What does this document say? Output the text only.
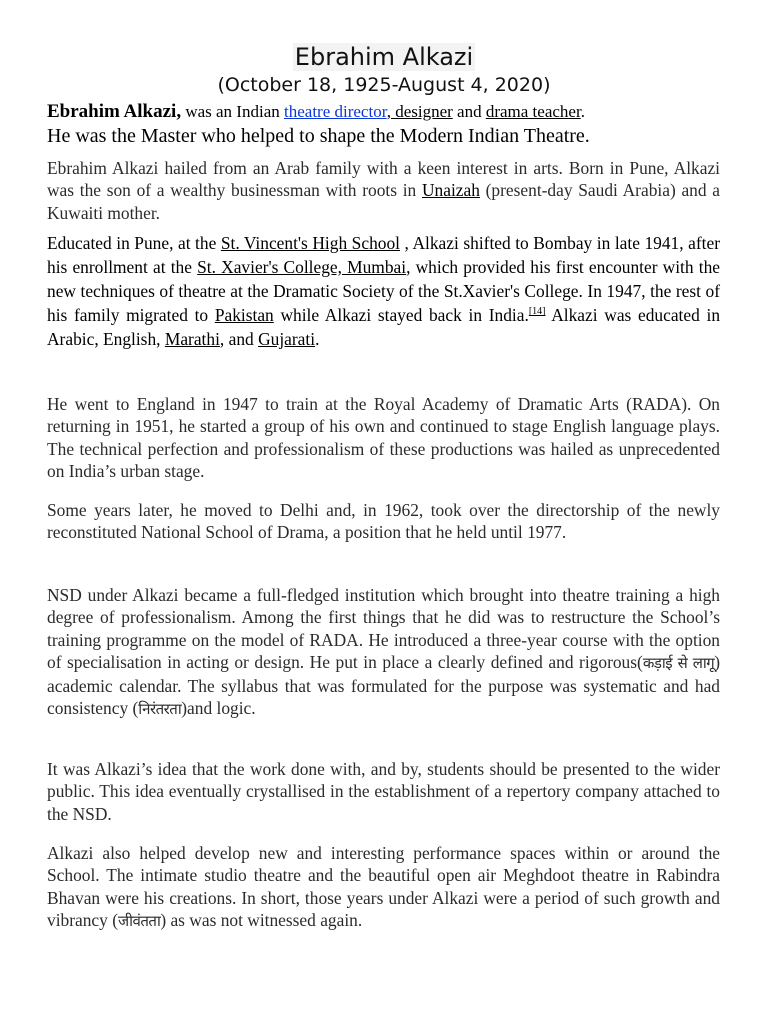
Ebrahim Alkazi
(October 18, 1925-August 4, 2020)
Ebrahim Alkazi, was an Indian theatre director, designer and drama teacher.
He was the Master who helped to shape the Modern Indian Theatre.
Ebrahim Alkazi hailed from an Arab family with a keen interest in arts. Born in Pune, Alkazi was the son of a wealthy businessman with roots in Unaizah (present-day Saudi Arabia) and a Kuwaiti mother.
Educated in Pune, at the St. Vincent's High School , Alkazi shifted to Bombay in late 1941, after his enrollment at the St. Xavier's College, Mumbai, which provided his first encounter with the new techniques of theatre at the Dramatic Society of the St.Xavier's College. In 1947, the rest of his family migrated to Pakistan while Alkazi stayed back in India.[14] Alkazi was educated in Arabic, English, Marathi, and Gujarati.
He went to England in 1947 to train at the Royal Academy of Dramatic Arts (RADA). On returning in 1951, he started a group of his own and continued to stage English language plays. The technical perfection and professionalism of these productions was hailed as unprecedented on India’s urban stage.
Some years later, he moved to Delhi and, in 1962, took over the directorship of the newly reconstituted National School of Drama, a position that he held until 1977.
NSD under Alkazi became a full-fledged institution which brought into theatre training a high degree of professionalism. Among the first things that he did was to restructure the School’s training programme on the model of RADA. He introduced a three-year course with the option of specialisation in acting or design. He put in place a clearly defined and rigorous(कड़ाई से लागू) academic calendar. The syllabus that was formulated for the purpose was systematic and had consistency (निरंतरता)and logic.
It was Alkazi’s idea that the work done with, and by, students should be presented to the wider public. This idea eventually crystallised in the establishment of a repertory company attached to the NSD.
Alkazi also helped develop new and interesting performance spaces within or around the School. The intimate studio theatre and the beautiful open air Meghdoot theatre in Rabindra Bhavan were his creations. In short, those years under Alkazi were a period of such growth and vibrancy (जीवंतता) as was not witnessed again.
